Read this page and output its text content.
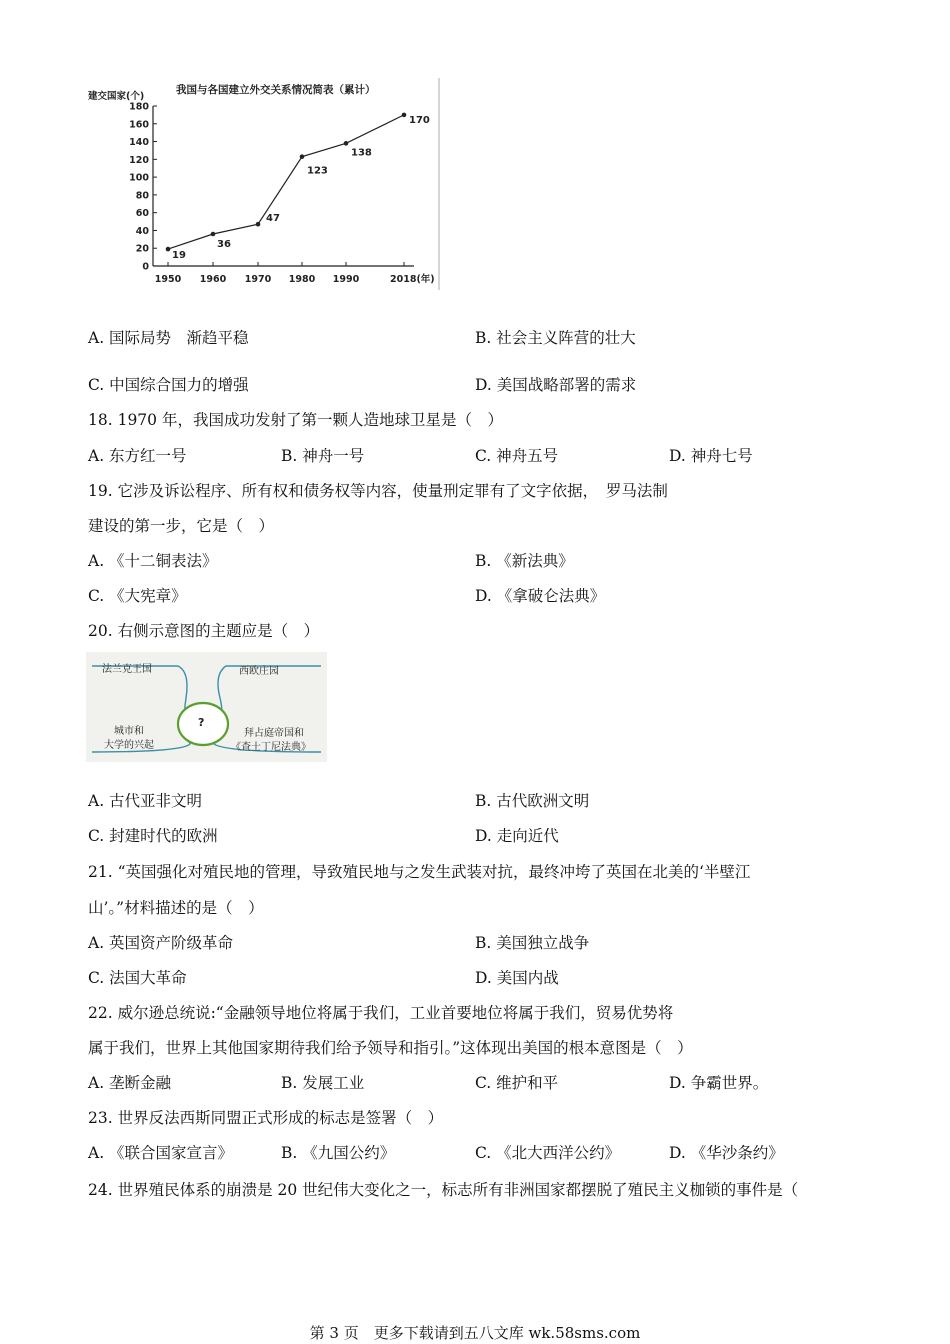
我国与各国建立外交关系情况简表（累计）
建交国家(个)
0
20
40
60
80
100
120
140
160
180
1950 1960 1970 1980 1990	2018(年)
19
36
47
123
138
170
A. 国际局势　渐趋平稳	B. 社会主义阵营的壮大
C. 中国综合国力的增强	D. 美国战略部署的需求
18. 1970 年，我国成功发射了第一颗人造地球卫星是（　）
A. 东方红一号	B. 神舟一号	C. 神舟五号	D. 神舟七号
19. 它涉及诉讼程序、所有权和债务权等内容，使量刑定罪有了文字依据，　罗马法制
建设的第一步，它是（　）
A. 《十二铜表法》	B. 《新法典》
C. 《大宪章》	D. 《拿破仑法典》
20. 右侧示意图的主题应是（　）
法兰克王国	西欧庄园
?
城市和
大学的兴起
拜占庭帝国和
《查士丁尼法典》
A. 古代亚非文明	B. 古代欧洲文明
C. 封建时代的欧洲	D. 走向近代
21. “英国强化对殖民地的管理，导致殖民地与之发生武装对抗，最终冲垮了英国在北美的‘半壁江
山’。”材料描述的是（　）
A. 英国资产阶级革命	B. 美国独立战争
C. 法国大革命	D. 美国内战
22. 威尔逊总统说:“金融领导地位将属于我们，工业首要地位将属于我们，贸易优势将
属于我们，世界上其他国家期待我们给予领导和指引。”这体现出美国的根本意图是（　）
A. 垄断金融	B. 发展工业	C. 维护和平	D. 争霸世界。
23. 世界反法西斯同盟正式形成的标志是签署（　）
A. 《联合国家宣言》	B. 《九国公约》	C. 《北大西洋公约》	D. 《华沙条约》
24. 世界殖民体系的崩溃是 20 世纪伟大变化之一，标志所有非洲国家都摆脱了殖民主义枷锁的事件是（
第 3 页　更多下载请到五八文库 wk.58sms.com
